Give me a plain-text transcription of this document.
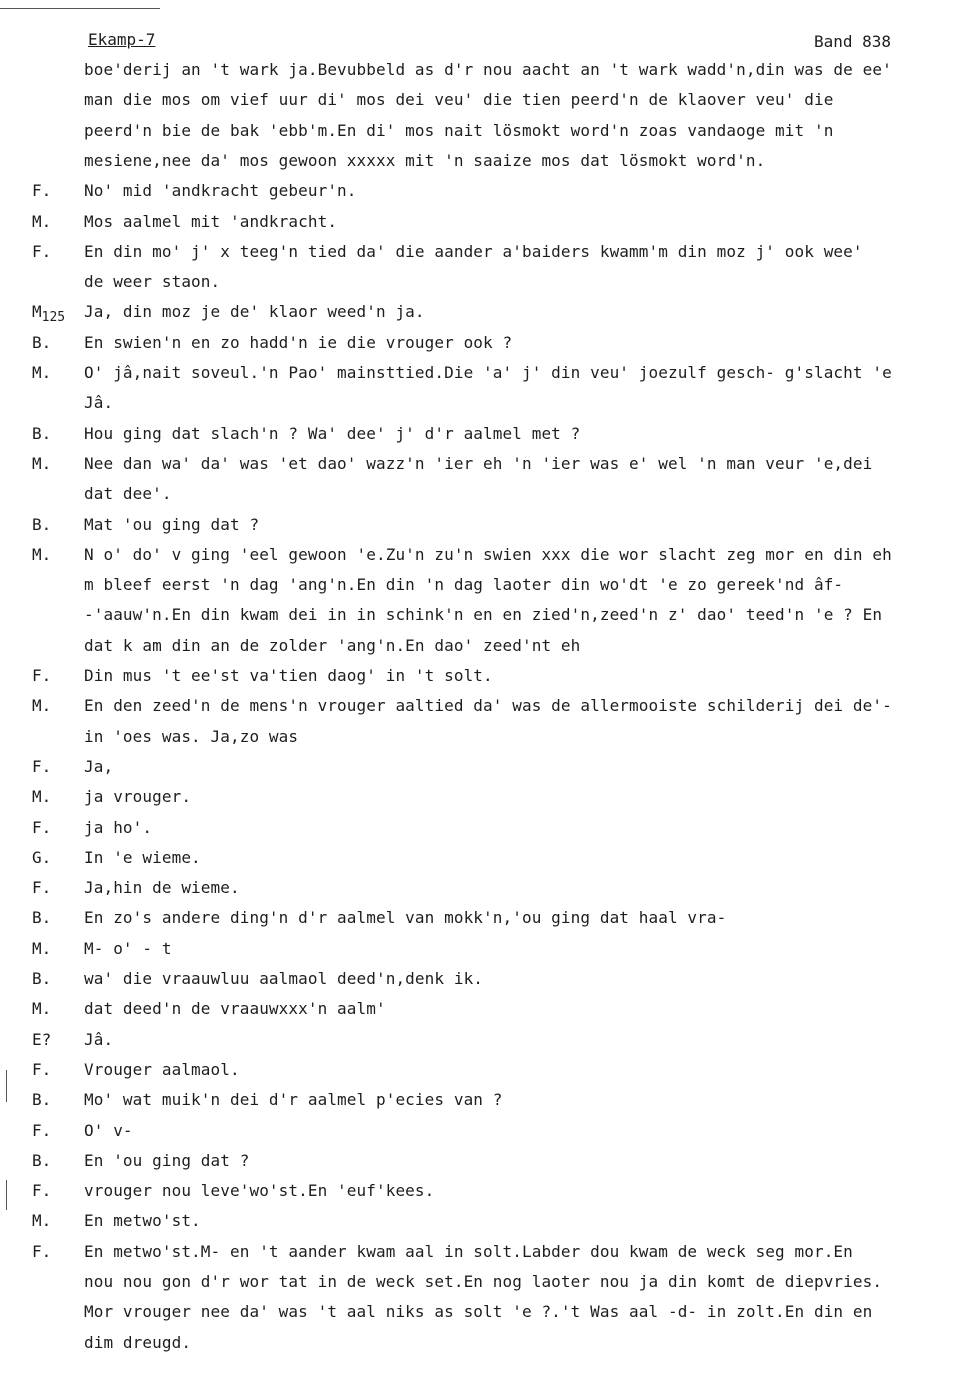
Ekamp-7	Band 838
boe'derij an 't wark ja.Bevubbeld as d'r nou aacht an 't wark wadd'n,din was de ee'
man die mos om vief uur di' mos dei veu' die tien peerd'n de klaover veu' die
peerd'n bie de bak 'ebb'm.En di' mos nait lösmokt word'n zoas vandaoge mit 'n
mesiene,nee da' mos gewoon ﻿xxxxx mit 'n saaize mos dat lösmokt word'n.
F.	No' mid 'andkracht gebeur'n.
M.	Mos aalmel mit 'andkracht.
F.	En din mo' j' x teeg'n tied da' die aander a'baiders kwamm'm din moz j' ook wee'
de weer staon.
$M_{125}$	Ja, din moz je de' klaor weed'n ja.
B.	En swien'n en zo hadd'n ie die vrouger ook ?
M.	O' jâ,nait soveul.'n Pao' mainsttied.Die 'a' j' din veu' joezulf gesch- g'slacht 'e
Jâ.
B.	Hou ging dat slach'n ? Wa' dee' j' d'r aalmel met ?
M.	Nee dan wa' da' was 'et dao' wazz'n 'ier eh 'n 'ier was e' wel 'n man veur 'e,dei
dat dee'.
B.	Mat 'ou ging dat ?
M.	N o' do' v ging 'eel gewoon 'e.Zu'n zu'n swien xxx die wor slacht zeg mor en din eh
m bleef eerst 'n dag 'ang'n.En din 'n dag laoter din wo'dt 'e zo gereek'nd âf-
-'aauw'n.En din kwam dei in in schink'n en en zied'n,zeed'n z' dao' teed'n 'e ? En
dat k am din an de zolder 'ang'n.En dao' zeed'nt eh
F.	Din mus 't ee'st va'tien daog' in 't solt.
M.	En den zeed'n de mens'n vrouger aaltied da' was de allermooiste schilderij dei de'-
in 'oes was. Ja,zo was
F.	Ja,
M.	ja vrouger.
F.	ja ho'.
G.	In 'e wieme.
F.	Ja,hin de wieme.
B.	En zo's andere ding'n d'r aalmel van mokk'n,'ou ging dat haal vra-
M.	M- o' - t
B.	wa' die vraauwluu aalmaol deed'n,denk ik.
M.	dat deed'n de vraauwxxx'n aalm'
E?	Jâ.
F.	Vrouger aalmaol.
B.	Mo' wat muik'n dei d'r aalmel p'ecies van ?
F.	O' v-
B.	En 'ou ging dat ?
F.	vrouger nou leve'wo'st.En 'euf'kees.
M.	En metwo'st.
F.	En metwo'st.M- en 't aander kwam aal in solt.Labder dou kwam de weck seg mor.En
nou nou gon d'r wor tat in de weck set.En nog laoter nou ja din komt de diepvries.
Mor vrouger nee da' was 't aal niks as solt 'e ?.'t Was aal -d- in zolt.En din en
dim dreugd.
